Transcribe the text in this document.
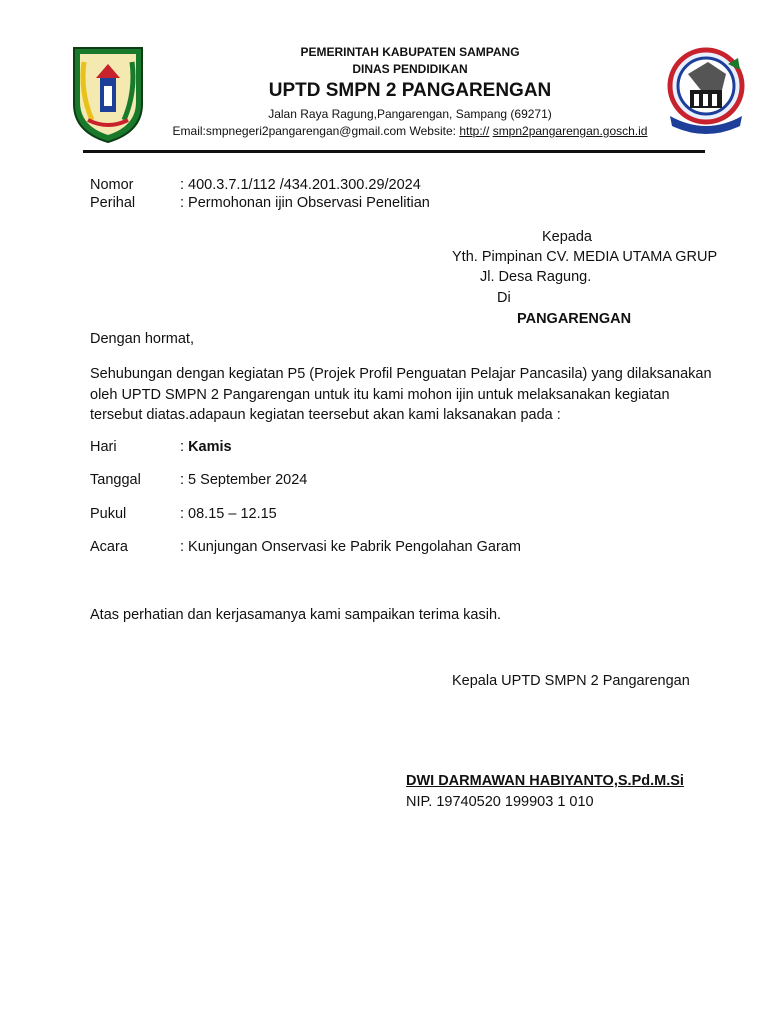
PEMERINTAH KABUPATEN SAMPANG
DINAS PENDIDIKAN
UPTD SMPN 2 PANGARENGAN
Jalan Raya Ragung,Pangarengan, Sampang (69271)
Email:smpnegeri2pangarengan@gmail.com Website: http:// smpn2pangarengan.gosch.id
Nomor	: 400.3.7.1/112 /434.201.300.29/2024
Perihal	: Permohonan ijin Observasi Penelitian
Kepada
Yth. Pimpinan CV. MEDIA UTAMA GRUP
Jl. Desa Ragung.
Di
PANGARENGAN
Dengan hormat,
Sehubungan dengan kegiatan P5 (Projek Profil Penguatan Pelajar Pancasila) yang dilaksanakan
oleh UPTD SMPN 2 Pangarengan untuk itu kami mohon ijin untuk melaksanakan kegiatan
tersebut diatas.adapaun kegiatan teersebut akan kami laksanakan pada :
Hari	: Kamis
Tanggal	: 5 September 2024
Pukul	: 08.15 – 12.15
Acara	: Kunjungan Onservasi ke Pabrik Pengolahan Garam
Atas perhatian dan kerjasamanya kami sampaikan terima kasih.
Kepala UPTD SMPN 2 Pangarengan
DWI DARMAWAN HABIYANTO,S.Pd.M.Si
NIP. 19740520 199903 1 010
